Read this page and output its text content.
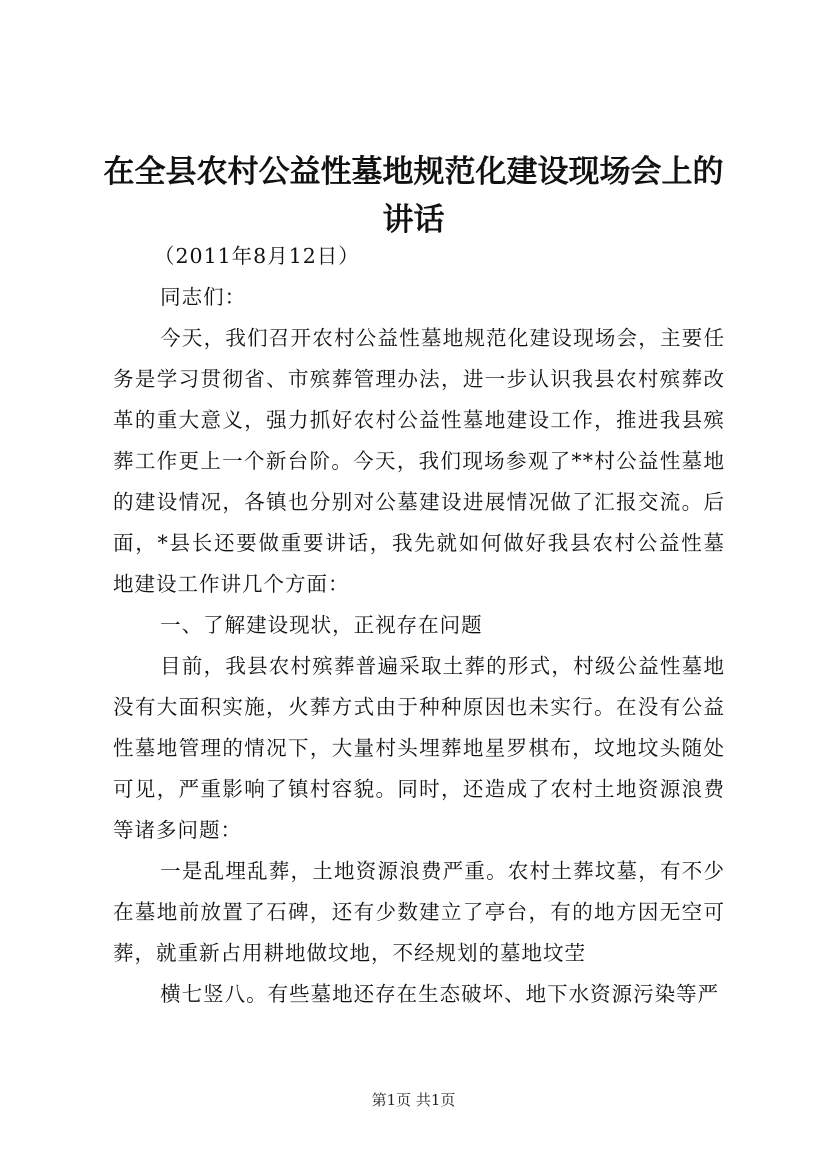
在全县农村公益性墓地规范化建设现场会上的
讲话

（2011年8月12日）

同志们：

今天，我们召开农村公益性墓地规范化建设现场会，主要任务是学习贯彻省、市殡葬管理办法，进一步认识我县农村殡葬改革的重大意义，强力抓好农村公益性墓地建设工作，推进我县殡葬工作更上一个新台阶。今天，我们现场参观了**村公益性墓地的建设情况，各镇也分别对公墓建设进展情况做了汇报交流。后面，*县长还要做重要讲话，我先就如何做好我县农村公益性墓地建设工作讲几个方面：

一、了解建设现状，正视存在问题

目前，我县农村殡葬普遍采取土葬的形式，村级公益性墓地没有大面积实施，火葬方式由于种种原因也未实行。在没有公益性墓地管理的情况下，大量村头埋葬地星罗棋布，坟地坟头随处可见，严重影响了镇村容貌。同时，还造成了农村土地资源浪费等诸多问题：

一是乱埋乱葬，土地资源浪费严重。农村土葬坟墓，有不少在墓地前放置了石碑，还有少数建立了亭台，有的地方因无空可葬，就重新占用耕地做坟地，不经规划的墓地坟茔

横七竖八。有些墓地还存在生态破坏、地下水资源污染等严

第1页 共1页
